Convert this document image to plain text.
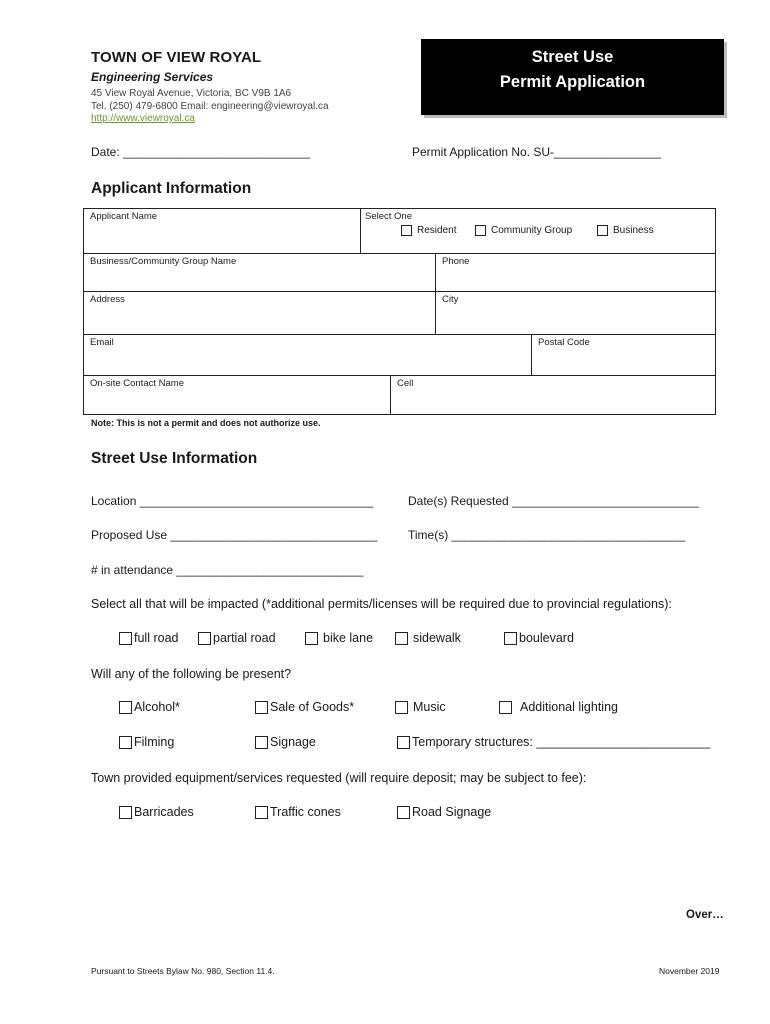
TOWN OF VIEW ROYAL
Engineering Services
45 View Royal Avenue, Victoria, BC V9B 1A6
Tel. (250) 479-6800 Email: engineering@viewroyal.ca
http://www.viewroyal.ca
Street Use
Permit Application
Date: ____________________________	Permit Application No. SU-________________
Applicant Information
Applicant Name	Select One
Resident	Community Group	Business
Business/Community Group Name	Phone
Address	City
Email	Postal Code
On-site Contact Name	Cell
Note: This is not a permit and does not authorize use.
Street Use Information
Location ___________________________________	Date(s) Requested ____________________________
Proposed Use _______________________________	Time(s) ___________________________________
# in attendance ____________________________
Select all that will be impacted (*additional permits/licenses will be required due to provincial regulations):
full road	partial road	bike lane	sidewalk	boulevard
Will any of the following be present?
Alcohol*	Sale of Goods*	Music	Additional lighting
Filming	Signage	Temporary structures: _________________________
Town provided equipment/services requested (will require deposit; may be subject to fee):
Barricades	Traffic cones	Road Signage
Over…
Pursuant to Streets Bylaw No. 980, Section 11.4.	November 2019
